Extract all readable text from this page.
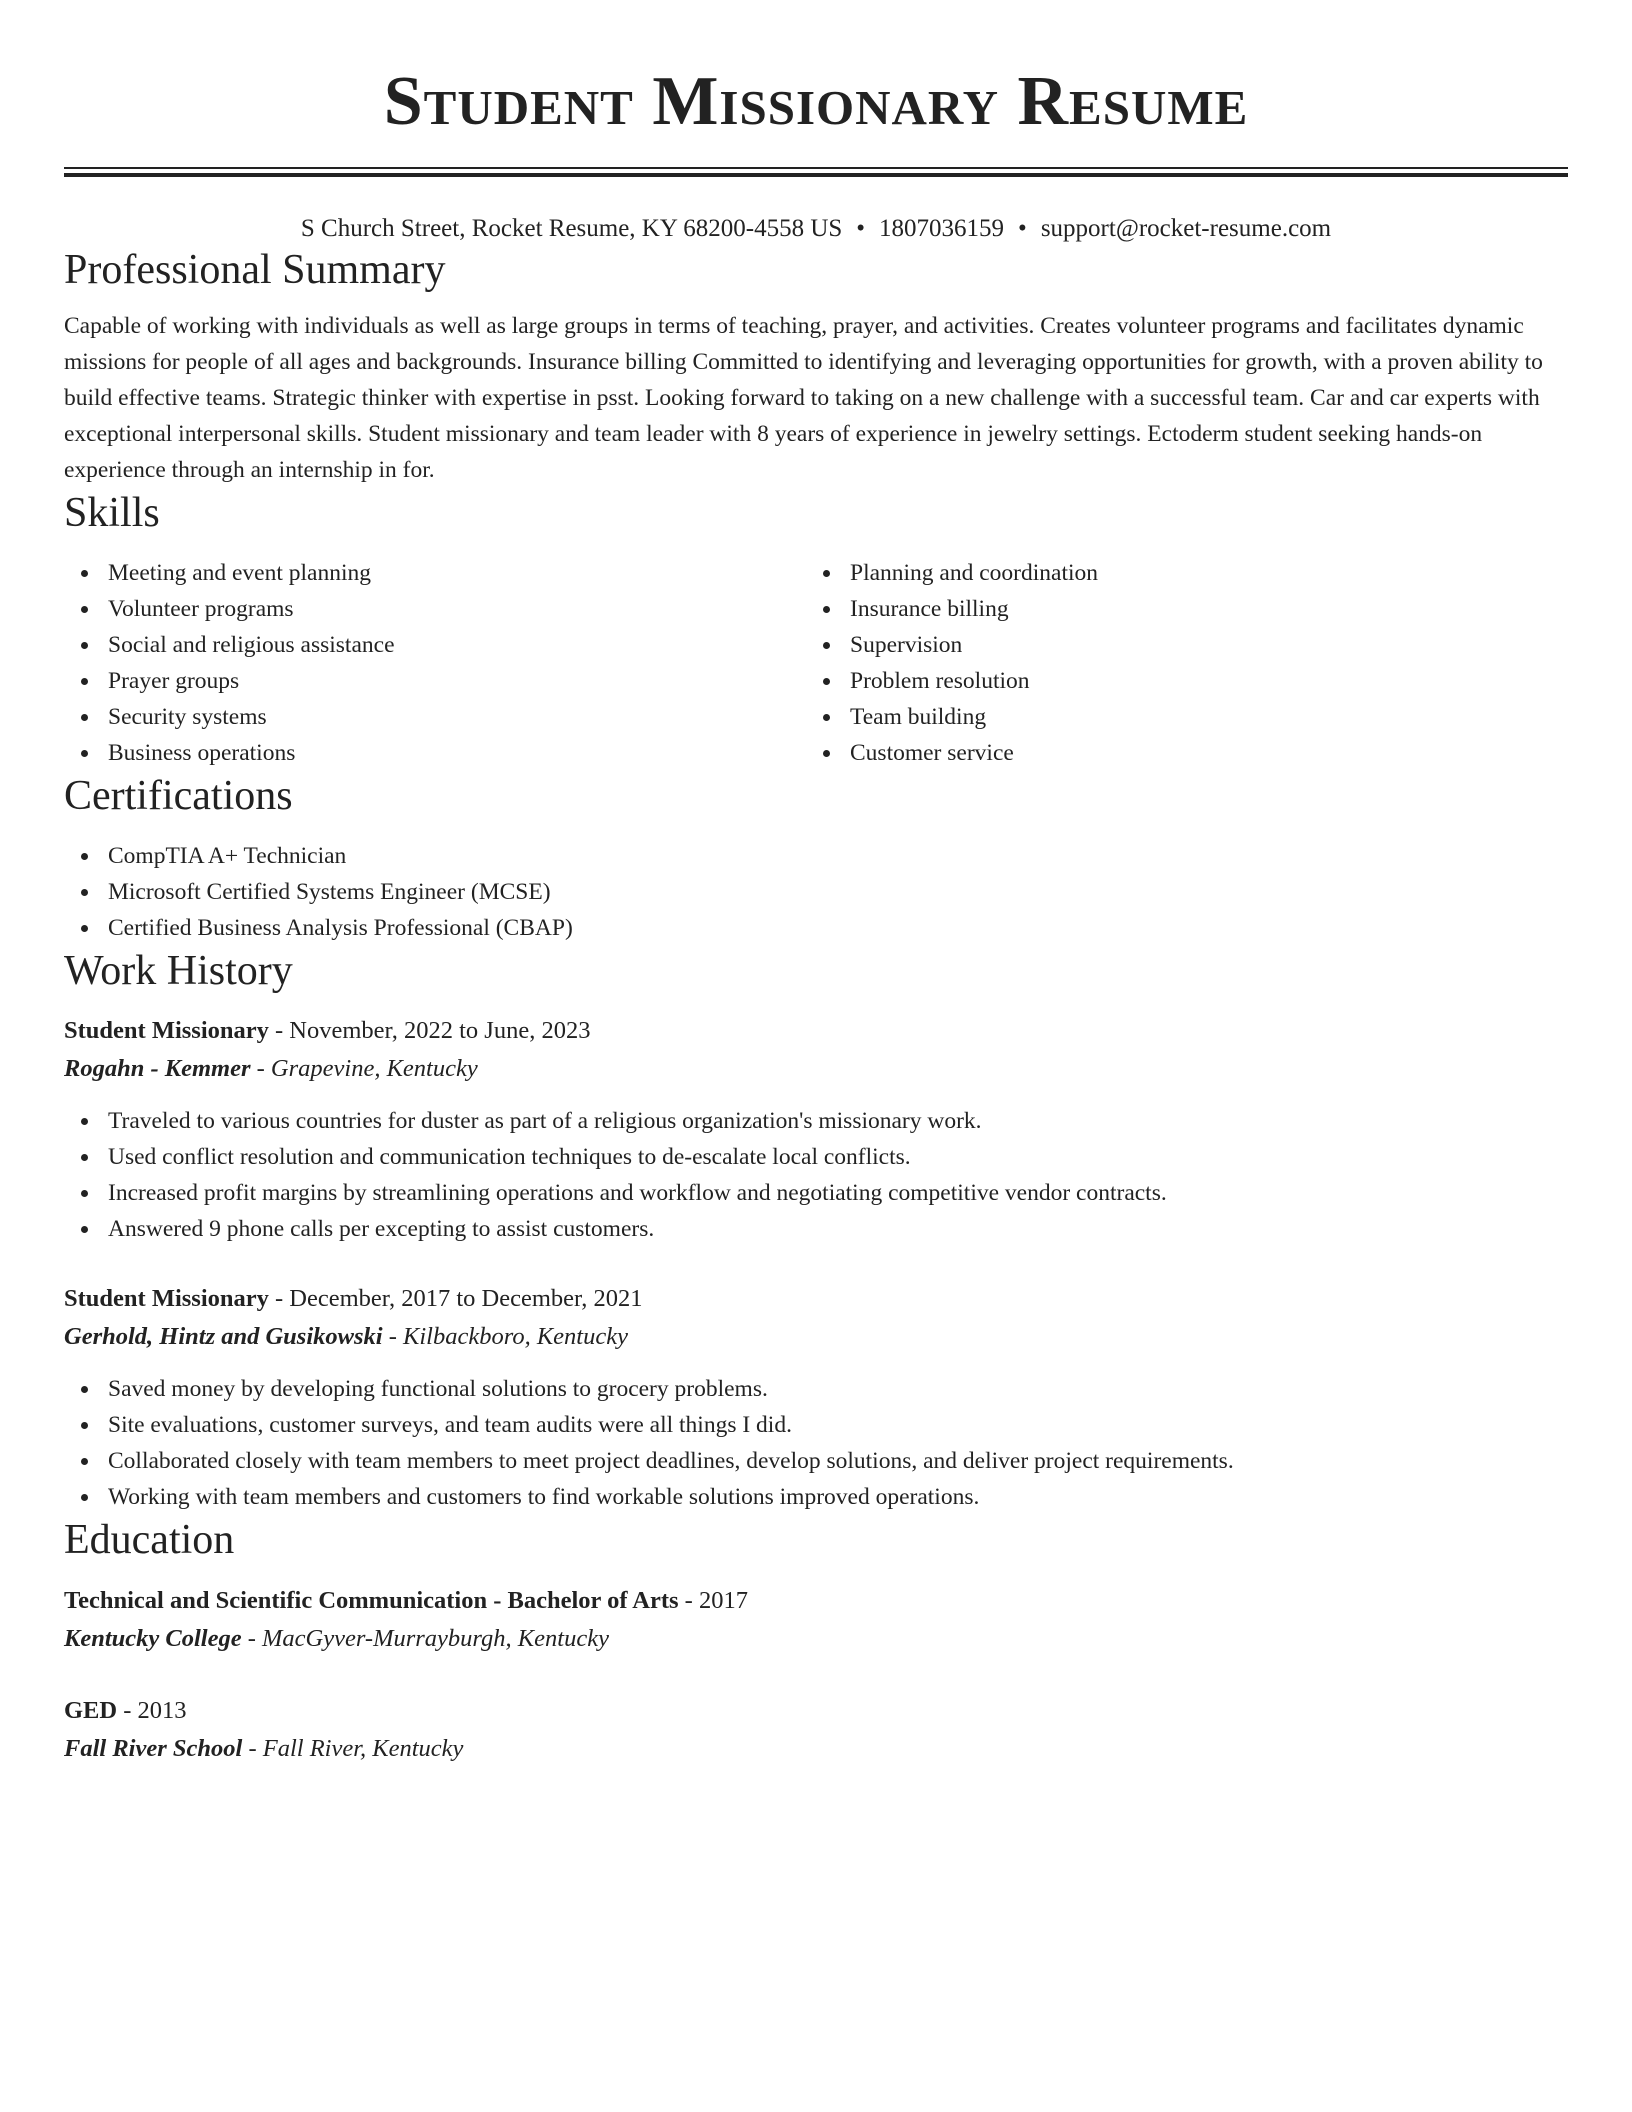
Student Missionary Resume
S Church Street, Rocket Resume, KY 68200-4558 US • 1807036159 • support@rocket-resume.com
Professional Summary

Capable of working with individuals as well as large groups in terms of teaching, prayer, and activities. Creates volunteer programs and facilitates dynamic missions for people of all ages and backgrounds. Insurance billing Committed to identifying and leveraging opportunities for growth, with a proven ability to build effective teams. Strategic thinker with expertise in psst. Looking forward to taking on a new challenge with a successful team. Car and car experts with exceptional interpersonal skills. Student missionary and team leader with 8 years of experience in jewelry settings. Ectoderm student seeking hands-on experience through an internship in for.

Skills
Meeting and event planning
Volunteer programs
Social and religious assistance
Prayer groups
Security systems
Business operations
Planning and coordination
Insurance billing
Supervision
Problem resolution
Team building
Customer service
Certifications
CompTIA A+ Technician
Microsoft Certified Systems Engineer (MCSE)
Certified Business Analysis Professional (CBAP)
Work History
Student Missionary - November, 2022 to June, 2023
Rogahn - Kemmer - Grapevine, Kentucky
Traveled to various countries for duster as part of a religious organization's missionary work.
Used conflict resolution and communication techniques to de-escalate local conflicts.
Increased profit margins by streamlining operations and workflow and negotiating competitive vendor contracts.
Answered 9 phone calls per excepting to assist customers.
Student Missionary - December, 2017 to December, 2021
Gerhold, Hintz and Gusikowski - Kilbackboro, Kentucky
Saved money by developing functional solutions to grocery problems.
Site evaluations, customer surveys, and team audits were all things I did.
Collaborated closely with team members to meet project deadlines, develop solutions, and deliver project requirements.
Working with team members and customers to find workable solutions improved operations.
Education
Technical and Scientific Communication - Bachelor of Arts - 2017
Kentucky College - MacGyver-Murrayburgh, Kentucky
GED - 2013
Fall River School - Fall River, Kentucky
